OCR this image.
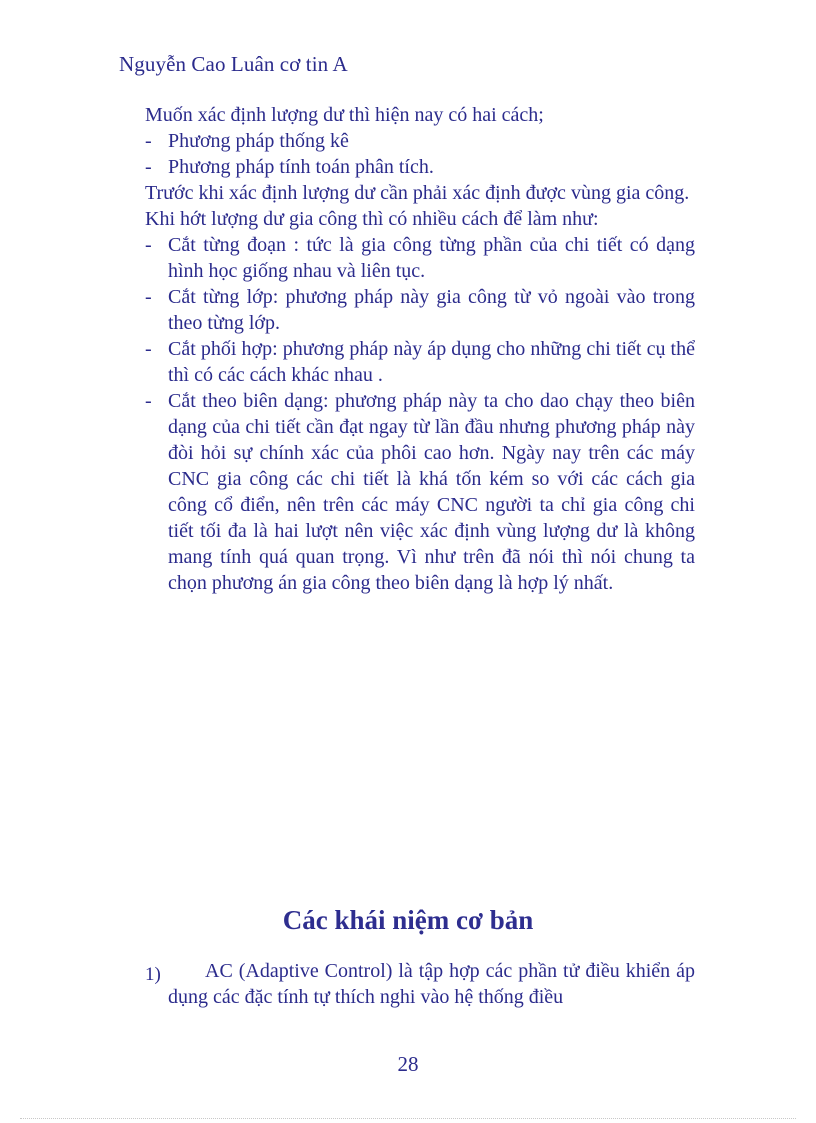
Nguyễn Cao Luân cơ tin A

Muốn xác định lượng dư thì hiện nay có hai cách;

- Phương pháp thống kê
- Phương pháp tính toán phân tích.

Trước khi xác định lượng dư cần phải xác định được vùng gia công.

Khi hớt lượng dư gia công thì có nhiều cách để làm như:

- Cắt từng đoạn : tức là gia công từng phần của chi tiết có dạng hình học giống nhau và liên tục.
- Cắt từng lớp: phương pháp này gia công từ vỏ ngoài vào trong theo từng lớp.
- Cắt phối hợp: phương pháp này áp dụng cho những chi tiết cụ thể thì có các cách khác nhau .
- Cắt theo biên dạng: phương pháp này ta cho dao chạy theo biên dạng của chi tiết cần đạt ngay từ lần đầu nhưng phương pháp này đòi hỏi sự chính xác của phôi cao hơn. Ngày nay trên các máy CNC gia công các chi tiết là khá tốn kém so với các cách gia công cổ điển, nên trên các máy CNC người ta chỉ gia công chi tiết tối đa là hai lượt nên việc xác định vùng lượng dư là không mang tính quá quan trọng. Vì như trên đã nói thì nói chung ta chọn phương án gia công theo biên dạng là hợp lý nhất.
Các khái niệm cơ bản
1)	AC (Adaptive Control) là tập hợp các phần tử điều khiển áp dụng các đặc tính tự thích nghi vào hệ thống điều
28
